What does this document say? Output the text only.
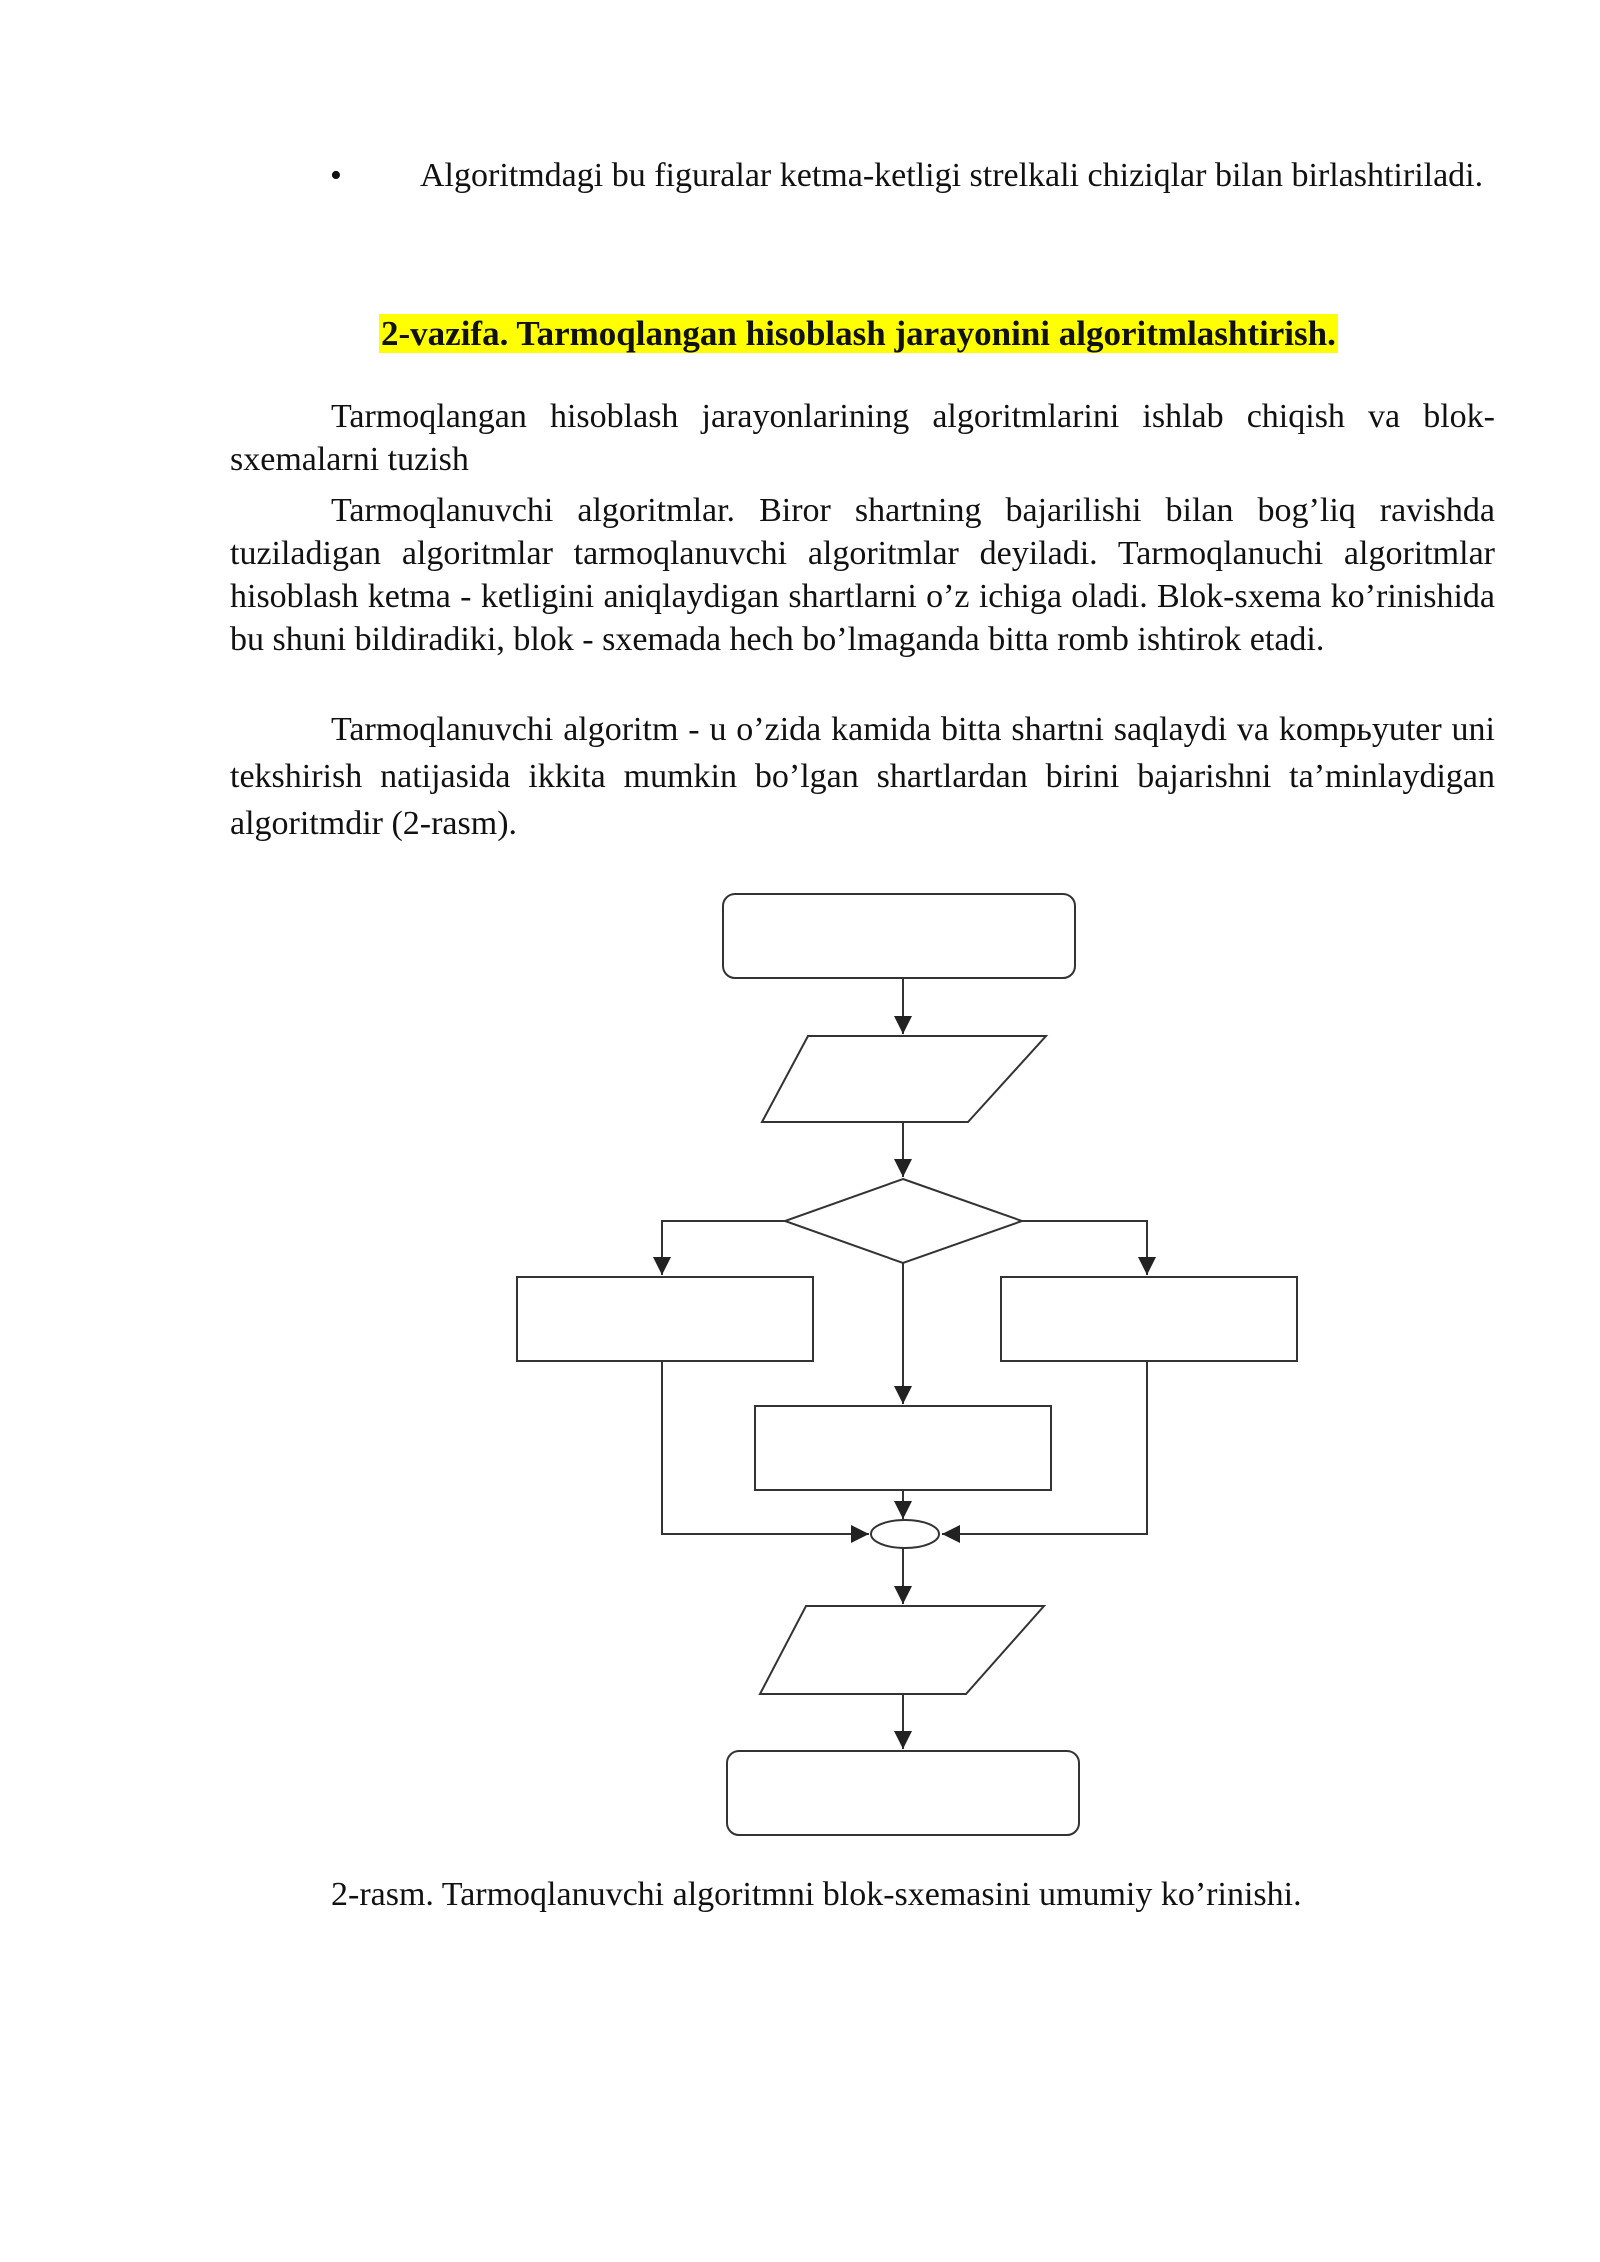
•	Algoritmdagi bu figuralar ketma-ketligi strelkali chiziqlar bilan birlashtiriladi.
2-vazifa. Tarmoqlangan hisoblash jarayonini algoritmlashtirish.
Tarmoqlangan hisoblash jarayonlarining algoritmlarini ishlab chiqish va blok-sxemalarni tuzish
Tarmoqlanuvchi algoritmlar. Biror shartning bajarilishi bilan bog’liq ravishda tuziladigan algoritmlar tarmoqlanuvchi algoritmlar deyiladi. Tarmoqlanuchi algoritmlar hisoblash ketma - ketligini aniqlaydigan shartlarni o’z ichiga oladi. Blok-sxema ko’rinishida bu shuni bildiradiki, blok - sxemada hech bo’lmaganda bitta romb ishtirok etadi.
Tarmoqlanuvchi algoritm - u o’zida kamida bitta shartni saqlaydi va kompьyuter uni tekshirish natijasida ikkita mumkin bo’lgan shartlardan birini bajarishni ta’minlaydigan algoritmdir (2-rasm).
2-rasm. Tarmoqlanuvchi algoritmni blok-sxemasini umumiy ko’rinishi.
